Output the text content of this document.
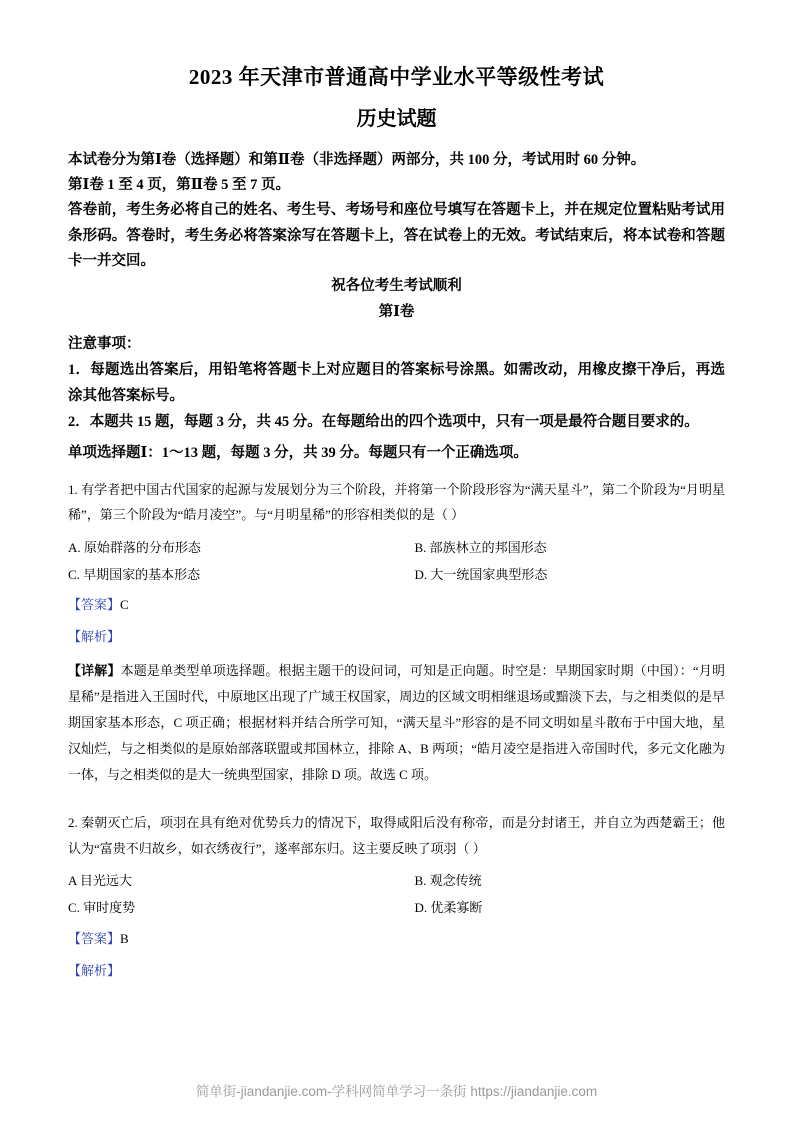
2023 年天津市普通高中学业水平等级性考试
历史试题

本试卷分为第Ⅰ卷（选择题）和第Ⅱ卷（非选择题）两部分，共 100 分，考试用时 60 分钟。

第Ⅰ卷 1 至 4 页，第Ⅱ卷 5 至 7 页。

答卷前，考生务必将自己的姓名、考生号、考场号和座位号填写在答题卡上，并在规定位置粘贴考试用条形码。答卷时，考生务必将答案涂写在答题卡上，答在试卷上的无效。考试结束后，将本试卷和答题卡一并交回。

祝各位考生考试顺利

第Ⅰ卷

注意事项：

1．每题选出答案后，用铅笔将答题卡上对应题目的答案标号涂黑。如需改动，用橡皮擦干净后，再选涂其他答案标号。

2．本题共 15 题，每题 3 分，共 45 分。在每题给出的四个选项中，只有一项是最符合题目要求的。

单项选择题Ⅰ：1～13 题，每题 3 分，共 39 分。每题只有一个正确选项。

1. 有学者把中国古代国家的起源与发展划分为三个阶段，并将第一个阶段形容为“满天星斗”，第二个阶段为“月明星稀”，第三个阶段为“皓月凌空”。与“月明星稀”的形容相类似的是（ ）

A. 原始群落的分布形态	B. 部族林立的邦国形态
C. 早期国家的基本形态	D. 大一统国家典型形态

【答案】C

【解析】

【详解】本题是单类型单项选择题。根据主题干的设问词，可知是正向题。时空是：早期国家时期（中国）：“月明星稀”是指进入王国时代，中原地区出现了广域王权国家，周边的区域文明相继退场或黯淡下去，与之相类似的是早期国家基本形态，C 项正确；根据材料并结合所学可知，“满天星斗”形容的是不同文明如星斗散布于中国大地，星汉灿烂，与之相类似的是原始部落联盟或邦国林立，排除 A、B 两项；“皓月凌空是指进入帝国时代，多元文化融为一体，与之相类似的是大一统典型国家，排除 D 项。故选 C 项。

2. 秦朝灭亡后，项羽在具有绝对优势兵力的情况下，取得咸阳后没有称帝，而是分封诸王，并自立为西楚霸王；他认为“富贵不归故乡，如衣绣夜行”，遂率部东归。这主要反映了项羽（ ）

A 目光远大	B. 观念传统
C. 审时度势	D. 优柔寡断

【答案】B

【解析】

简单街-jiandanjie.com-学科网简单学习一条街 https://jiandanjie.com
